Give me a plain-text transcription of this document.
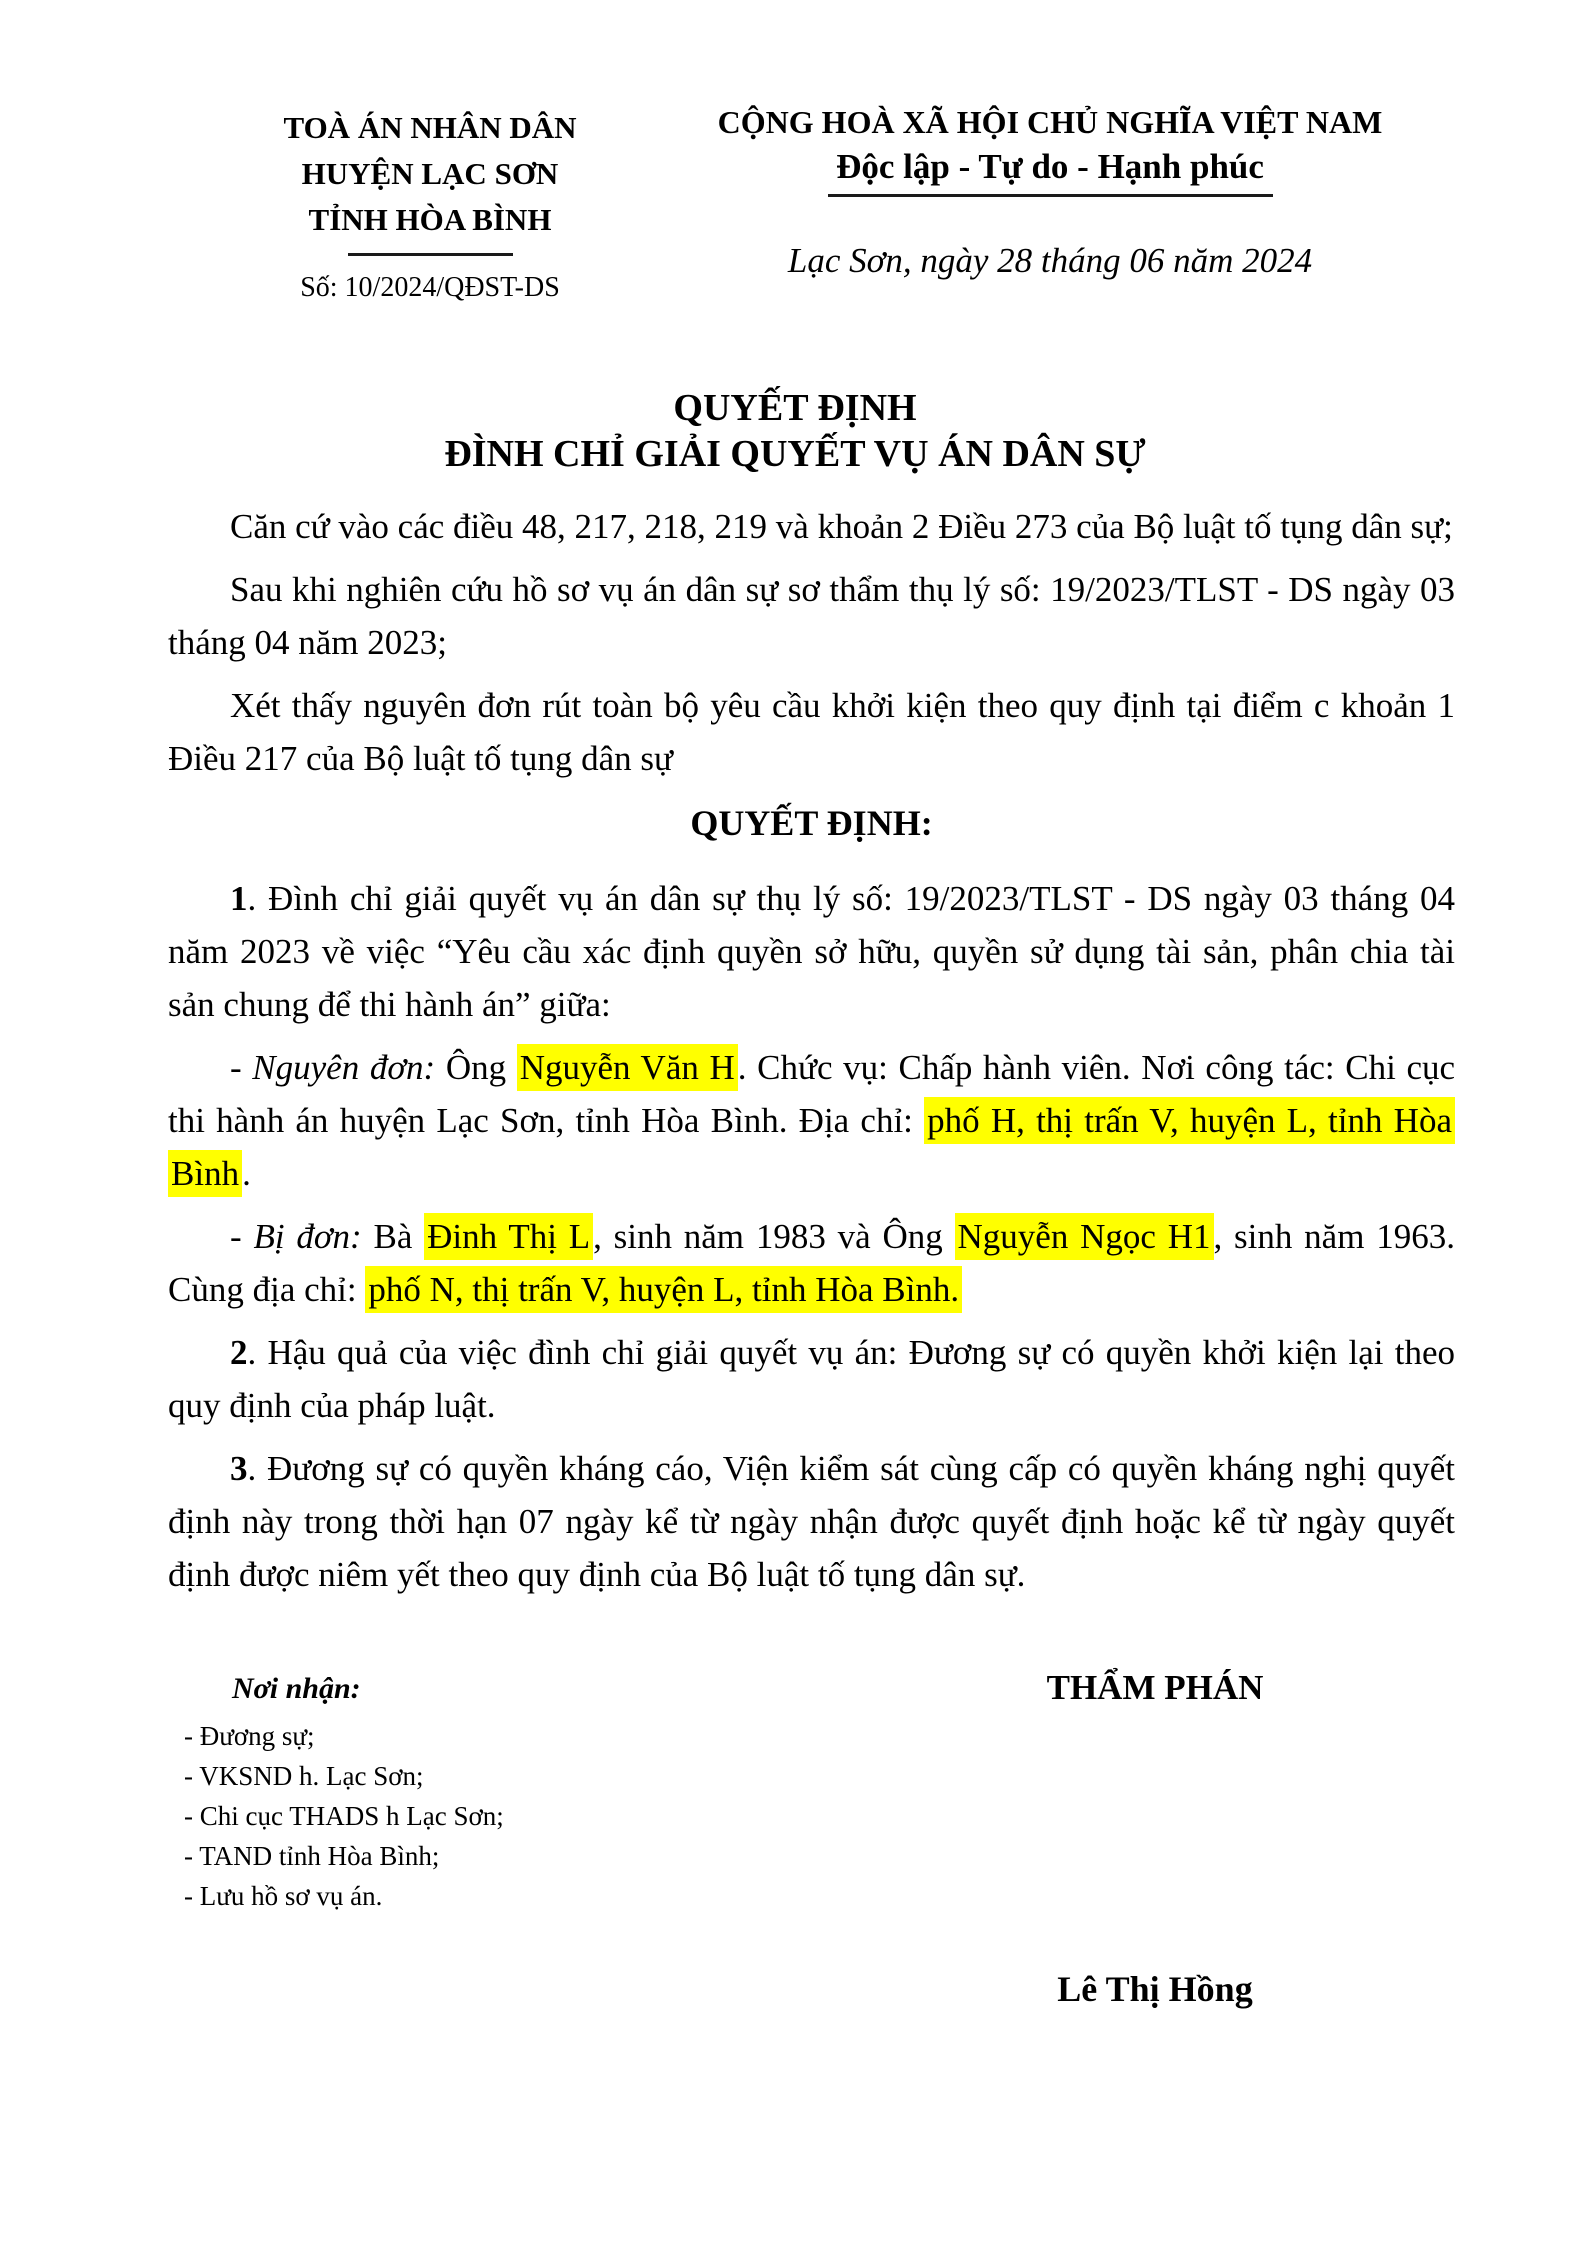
TOÀ ÁN NHÂN DÂN
HUYỆN LẠC SƠN
TỈNH HÒA BÌNH
Số: 10/2024/QĐST-DS
CỘNG HOÀ XÃ HỘI CHỦ NGHĨA VIỆT NAM
Độc lập - Tự do - Hạnh phúc
Lạc Sơn, ngày 28 tháng 06 năm 2024
QUYẾT ĐỊNH
ĐÌNH CHỈ GIẢI QUYẾT VỤ ÁN DÂN SỰ

Căn cứ vào các điều 48, 217, 218, 219 và khoản 2 Điều 273 của Bộ luật tố tụng dân sự;

Sau khi nghiên cứu hồ sơ vụ án dân sự sơ thẩm thụ lý số: 19/2023/TLST - DS ngày 03 tháng 04 năm 2023;

Xét thấy nguyên đơn rút toàn bộ yêu cầu khởi kiện theo quy định tại điểm c khoản 1 Điều 217 của Bộ luật tố tụng dân sự

QUYẾT ĐỊNH:

1. Đình chỉ giải quyết vụ án dân sự thụ lý số: 19/2023/TLST - DS ngày 03 tháng 04 năm 2023 về việc “Yêu cầu xác định quyền sở hữu, quyền sử dụng tài sản, phân chia tài sản chung để thi hành án” giữa:

- Nguyên đơn: Ông Nguyễn Văn H. Chức vụ: Chấp hành viên. Nơi công tác: Chi cục thi hành án huyện Lạc Sơn, tỉnh Hòa Bình. Địa chỉ: phố H, thị trấn V, huyện L, tỉnh Hòa Bình.

- Bị đơn: Bà Đinh Thị L, sinh năm 1983 và Ông Nguyễn Ngọc H1, sinh năm 1963. Cùng địa chỉ: phố N, thị trấn V, huyện L, tỉnh Hòa Bình.

2. Hậu quả của việc đình chỉ giải quyết vụ án: Đương sự có quyền khởi kiện lại theo quy định của pháp luật.

3. Đương sự có quyền kháng cáo, Viện kiểm sát cùng cấp có quyền kháng nghị quyết định này trong thời hạn 07 ngày kể từ ngày nhận được quyết định hoặc kể từ ngày quyết định được niêm yết theo quy định của Bộ luật tố tụng dân sự.

Nơi nhận:
- Đương sự;
- VKSND h. Lạc Sơn;
- Chi cục THADS h Lạc Sơn;
- TAND tỉnh Hòa Bình;
- Lưu hồ sơ vụ án.
THẨM PHÁN
Lê Thị Hồng
